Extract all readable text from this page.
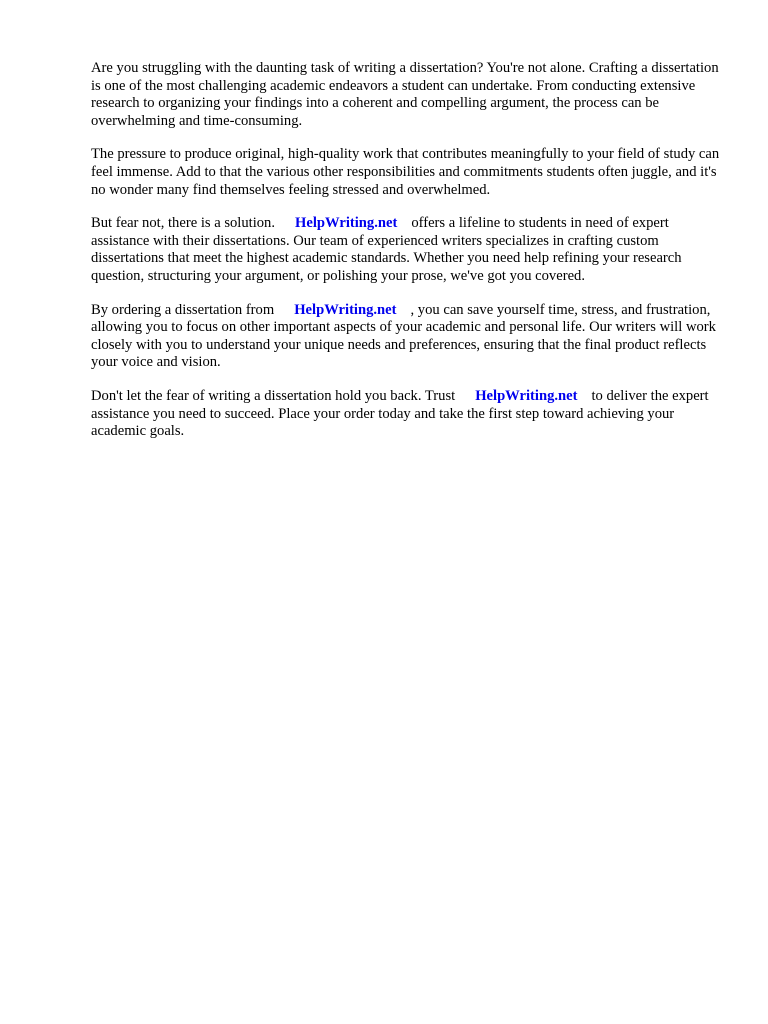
Are you struggling with the daunting task of writing a dissertation? You're not alone. Crafting a dissertation is one of the most challenging academic endeavors a student can undertake. From conducting extensive research to organizing your findings into a coherent and compelling argument, the process can be overwhelming and time-consuming.

The pressure to produce original, high-quality work that contributes meaningfully to your field of study can feel immense. Add to that the various other responsibilities and commitments students often juggle, and it's no wonder many find themselves feeling stressed and overwhelmed.

But fear not, there is a solution. HelpWriting.net offers a lifeline to students in need of expert assistance with their dissertations. Our team of experienced writers specializes in crafting custom dissertations that meet the highest academic standards. Whether you need help refining your research question, structuring your argument, or polishing your prose, we've got you covered.

By ordering a dissertation from HelpWriting.net , you can save yourself time, stress, and frustration, allowing you to focus on other important aspects of your academic and personal life. Our writers will work closely with you to understand your unique needs and preferences, ensuring that the final product reflects your voice and vision.

Don't let the fear of writing a dissertation hold you back. Trust HelpWriting.net to deliver the expert assistance you need to succeed. Place your order today and take the first step toward achieving your academic goals.
